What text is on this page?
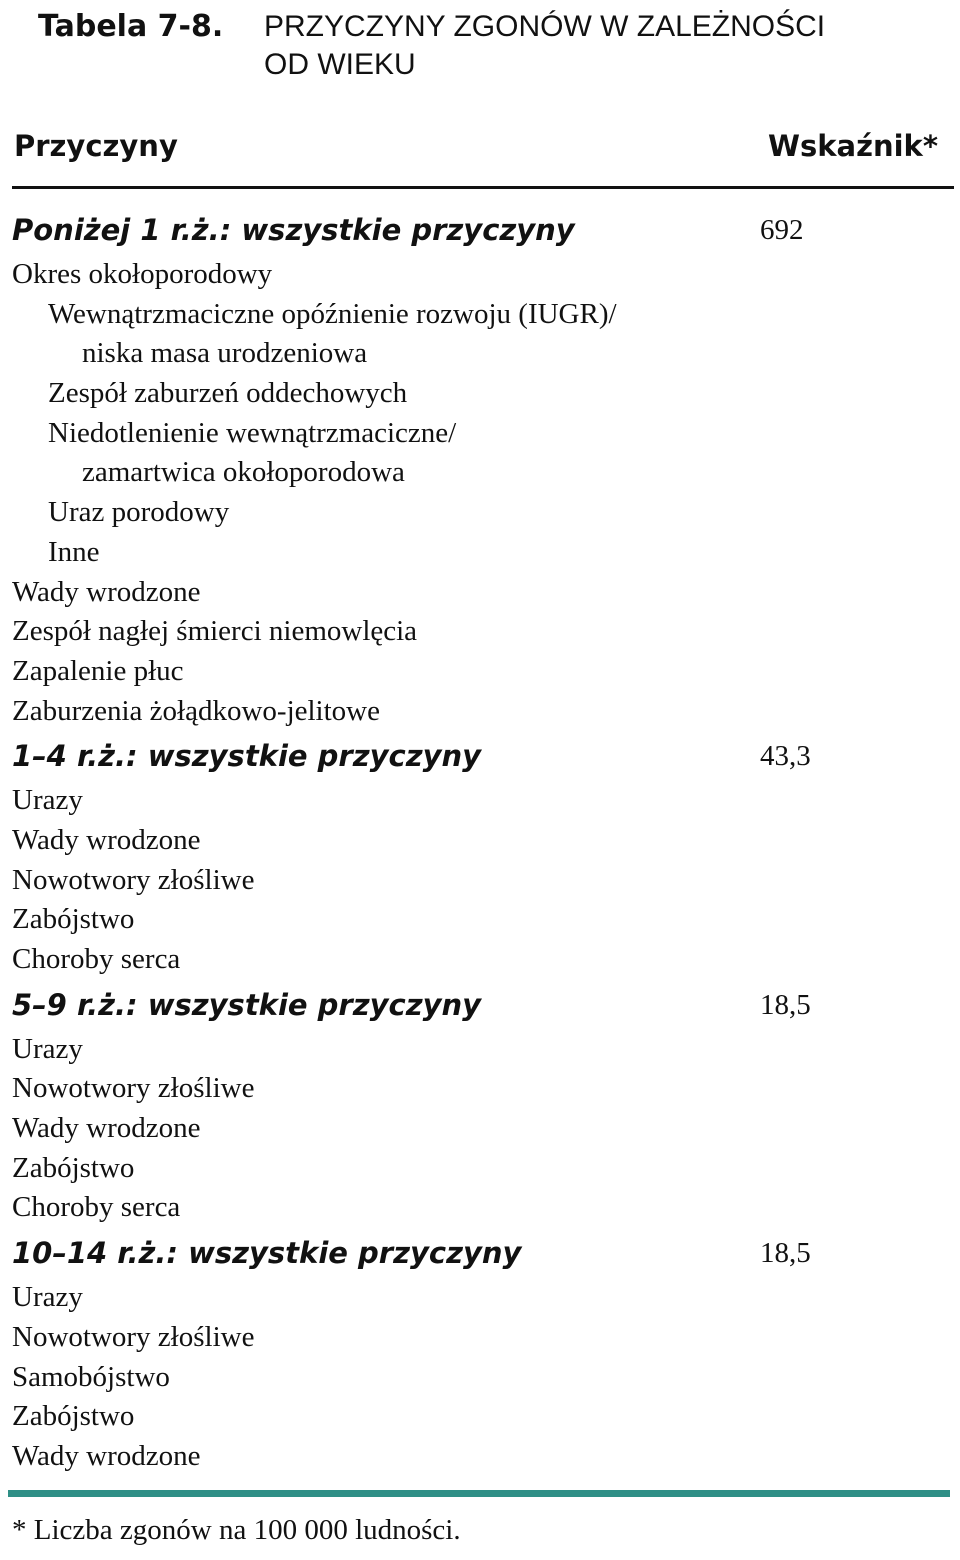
Tabela 7-8. PRZYCZYNY ZGONÓW W ZALEŻNOŚCI OD WIEKU
Przyczyny	Wskaźnik*
Poniżej 1 r.ż.: wszystkie przyczyny	692
Okres okołoporodowy
Wewnątrzmaciczne opóźnienie rozwoju (IUGR)/
niska masa urodzeniowa
Zespół zaburzeń oddechowych
Niedotlenienie wewnątrzmaciczne/
zamartwica okołoporodowa
Uraz porodowy
Inne
Wady wrodzone
Zespół nagłej śmierci niemowlęcia
Zapalenie płuc
Zaburzenia żołądkowo-jelitowe
1–4 r.ż.: wszystkie przyczyny	43,3
Urazy
Wady wrodzone
Nowotwory złośliwe
Zabójstwo
Choroby serca
5–9 r.ż.: wszystkie przyczyny	18,5
Urazy
Nowotwory złośliwe
Wady wrodzone
Zabójstwo
Choroby serca
10–14 r.ż.: wszystkie przyczyny	18,5
Urazy
Nowotwory złośliwe
Samobójstwo
Zabójstwo
Wady wrodzone
* Liczba zgonów na 100 000 ludności.
